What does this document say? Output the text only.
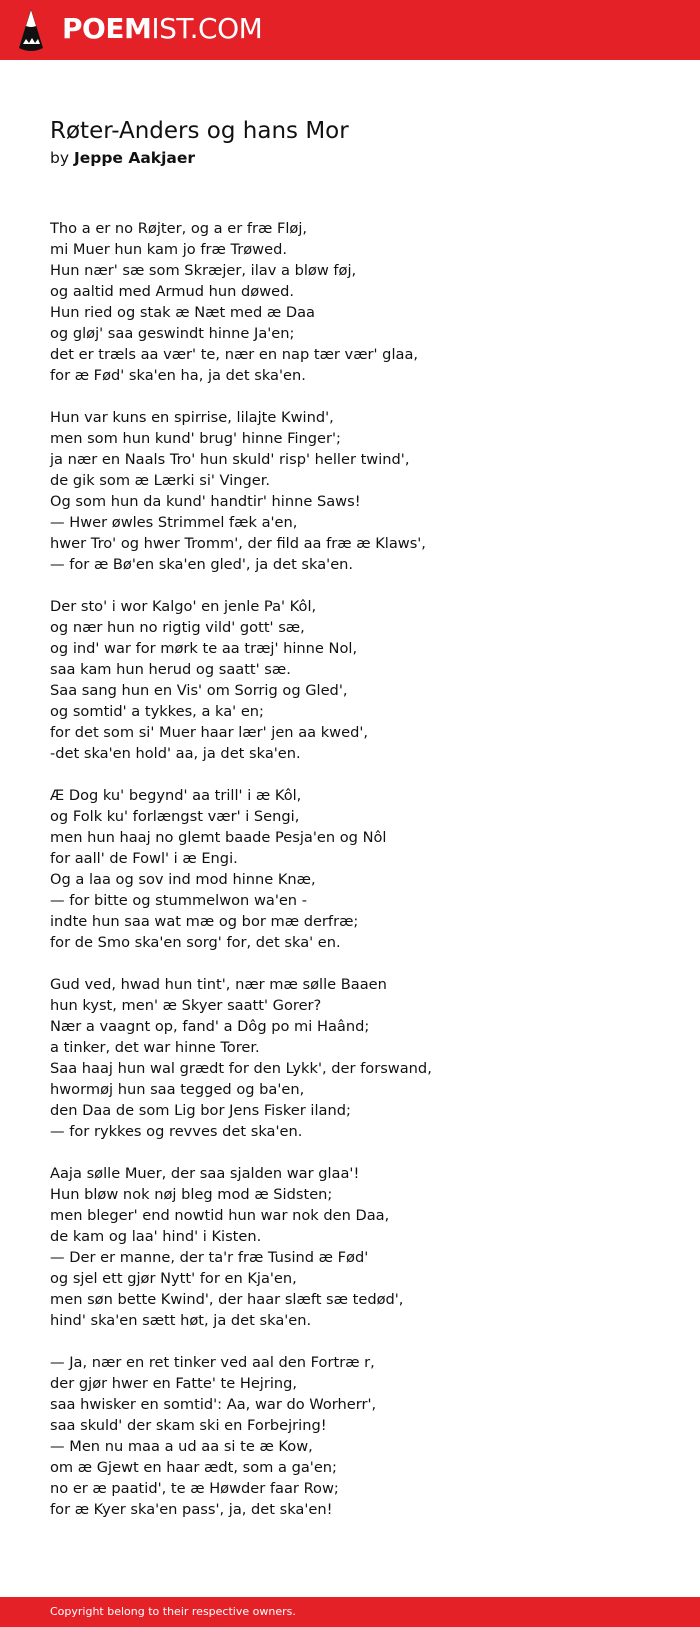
POEMIST.COM
Røter-Anders og hans Mor
by Jeppe Aakjaer
Tho a er no Røjter, og a er fræ Fløj,
mi Muer hun kam jo fræ Trøwed.
Hun nær' sæ som Skræjer, ilav a bløw føj,
og aaltid med Armud hun døwed.
Hun ried og stak æ Næt med æ Daa
og gløj' saa geswindt hinne Ja'en;
det er træls aa vær' te, nær en nap tær vær' glaa,
for æ Fød' ska'en ha, ja det ska'en.
Hun var kuns en spirrise, lilajte Kwind',
men som hun kund' brug' hinne Finger';
ja nær en Naals Tro' hun skuld' risp' heller twind',
de gik som æ Lærki si' Vinger.
Og som hun da kund' handtir' hinne Saws!
— Hwer øwles Strimmel fæk a'en,
hwer Tro' og hwer Tromm', der fild aa fræ æ Klaws',
— for æ Bø'en ska'en gled', ja det ska'en.
Der sto' i wor Kalgo' en jenle Pa' Kôl,
og nær hun no rigtig vild' gott' sæ,
og ind' war for mørk te aa træj' hinne Nol,
saa kam hun herud og saatt' sæ.
Saa sang hun en Vis' om Sorrig og Gled',
og somtid' a tykkes, a ka' en;
for det som si' Muer haar lær' jen aa kwed',
-det ska'en hold' aa, ja det ska'en.
Æ Dog ku' begynd' aa trill' i æ Kôl,
og Folk ku' forlængst vær' i Sengi,
men hun haaj no glemt baade Pesja'en og Nôl
for aall' de Fowl' i æ Engi.
Og a laa og sov ind mod hinne Knæ,
— for bitte og stummelwon wa'en -
indte hun saa wat mæ og bor mæ derfræ;
for de Smo ska'en sorg' for, det ska' en.
Gud ved, hwad hun tint', nær mæ sølle Baaen
hun kyst, men' æ Skyer saatt' Gorer?
Nær a vaagnt op, fand' a Dôg po mi Haând;
a tinker, det war hinne Torer.
Saa haaj hun wal grædt for den Lykk', der forswand,
hwormøj hun saa tegged og ba'en,
den Daa de som Lig bor Jens Fisker iland;
— for rykkes og revves det ska'en.
Aaja sølle Muer, der saa sjalden war glaa'!
Hun bløw nok nøj bleg mod æ Sidsten;
men bleger' end nowtid hun war nok den Daa,
de kam og laa' hind' i Kisten.
— Der er manne, der ta'r fræ Tusind æ Fød'
og sjel ett gjør Nytt' for en Kja'en,
men søn bette Kwind', der haar slæft sæ tedød',
hind' ska'en sætt høt, ja det ska'en.
— Ja, nær en ret tinker ved aal den Fortræ r,
der gjør hwer en Fatte' te Hejring,
saa hwisker en somtid': Aa, war do Worherr',
saa skuld' der skam ski en Forbejring!
— Men nu maa a ud aa si te æ Kow,
om æ Gjewt en haar ædt, som a ga'en;
no er æ paatid', te æ Høwder faar Row;
for æ Kyer ska'en pass', ja, det ska'en!
Copyright belong to their respective owners.
